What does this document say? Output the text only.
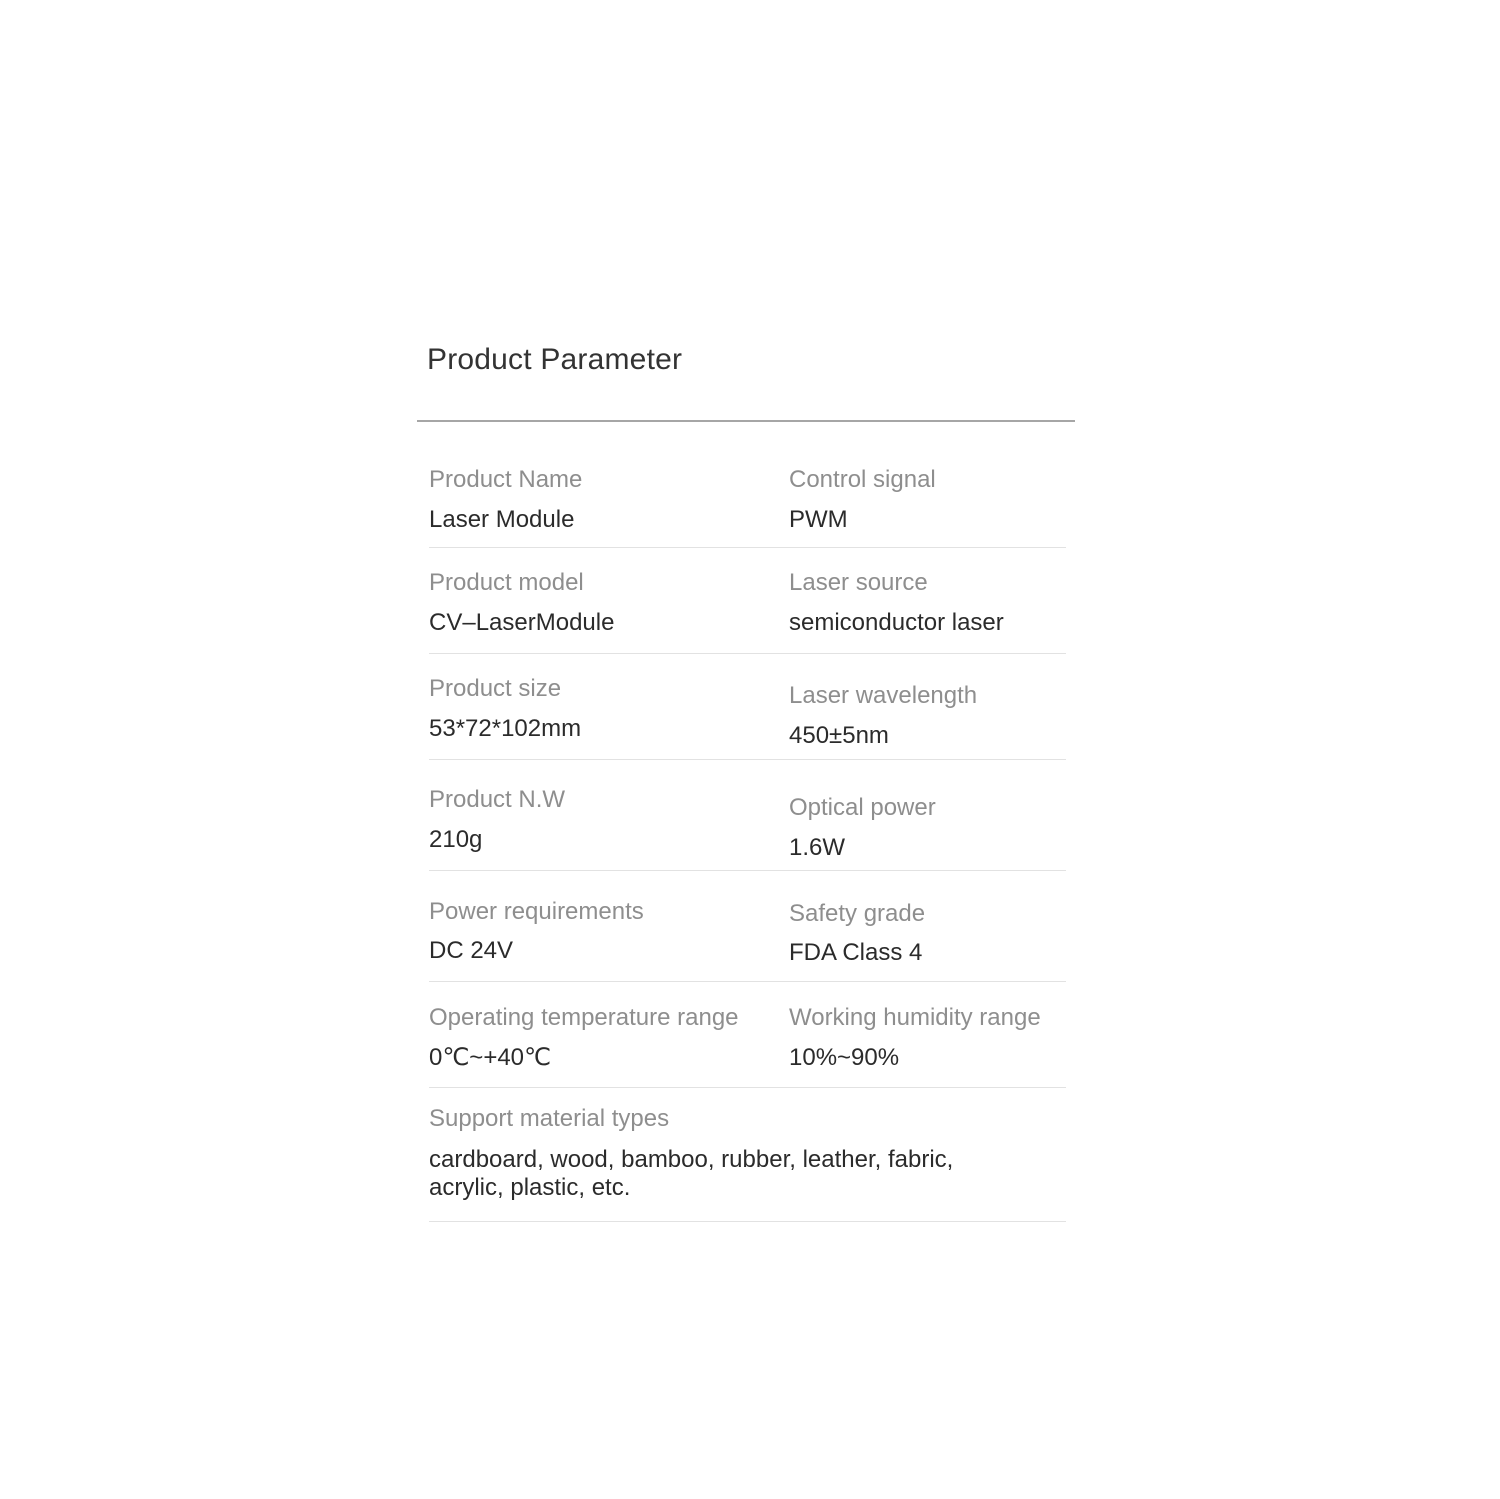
Product Parameter
Product Name
Laser Module
Control signal
PWM
Product model
CV–LaserModule
Laser source
semiconductor laser
Product size
53*72*102mm
Laser wavelength
450±5nm
Product N.W
210g
Optical power
1.6W
Power requirements
DC 24V
Safety grade
FDA Class 4
Operating temperature range
0℃~+40℃
Working humidity range
10%~90%
Support material types
cardboard, wood, bamboo, rubber, leather, fabric, acrylic, plastic, etc.
